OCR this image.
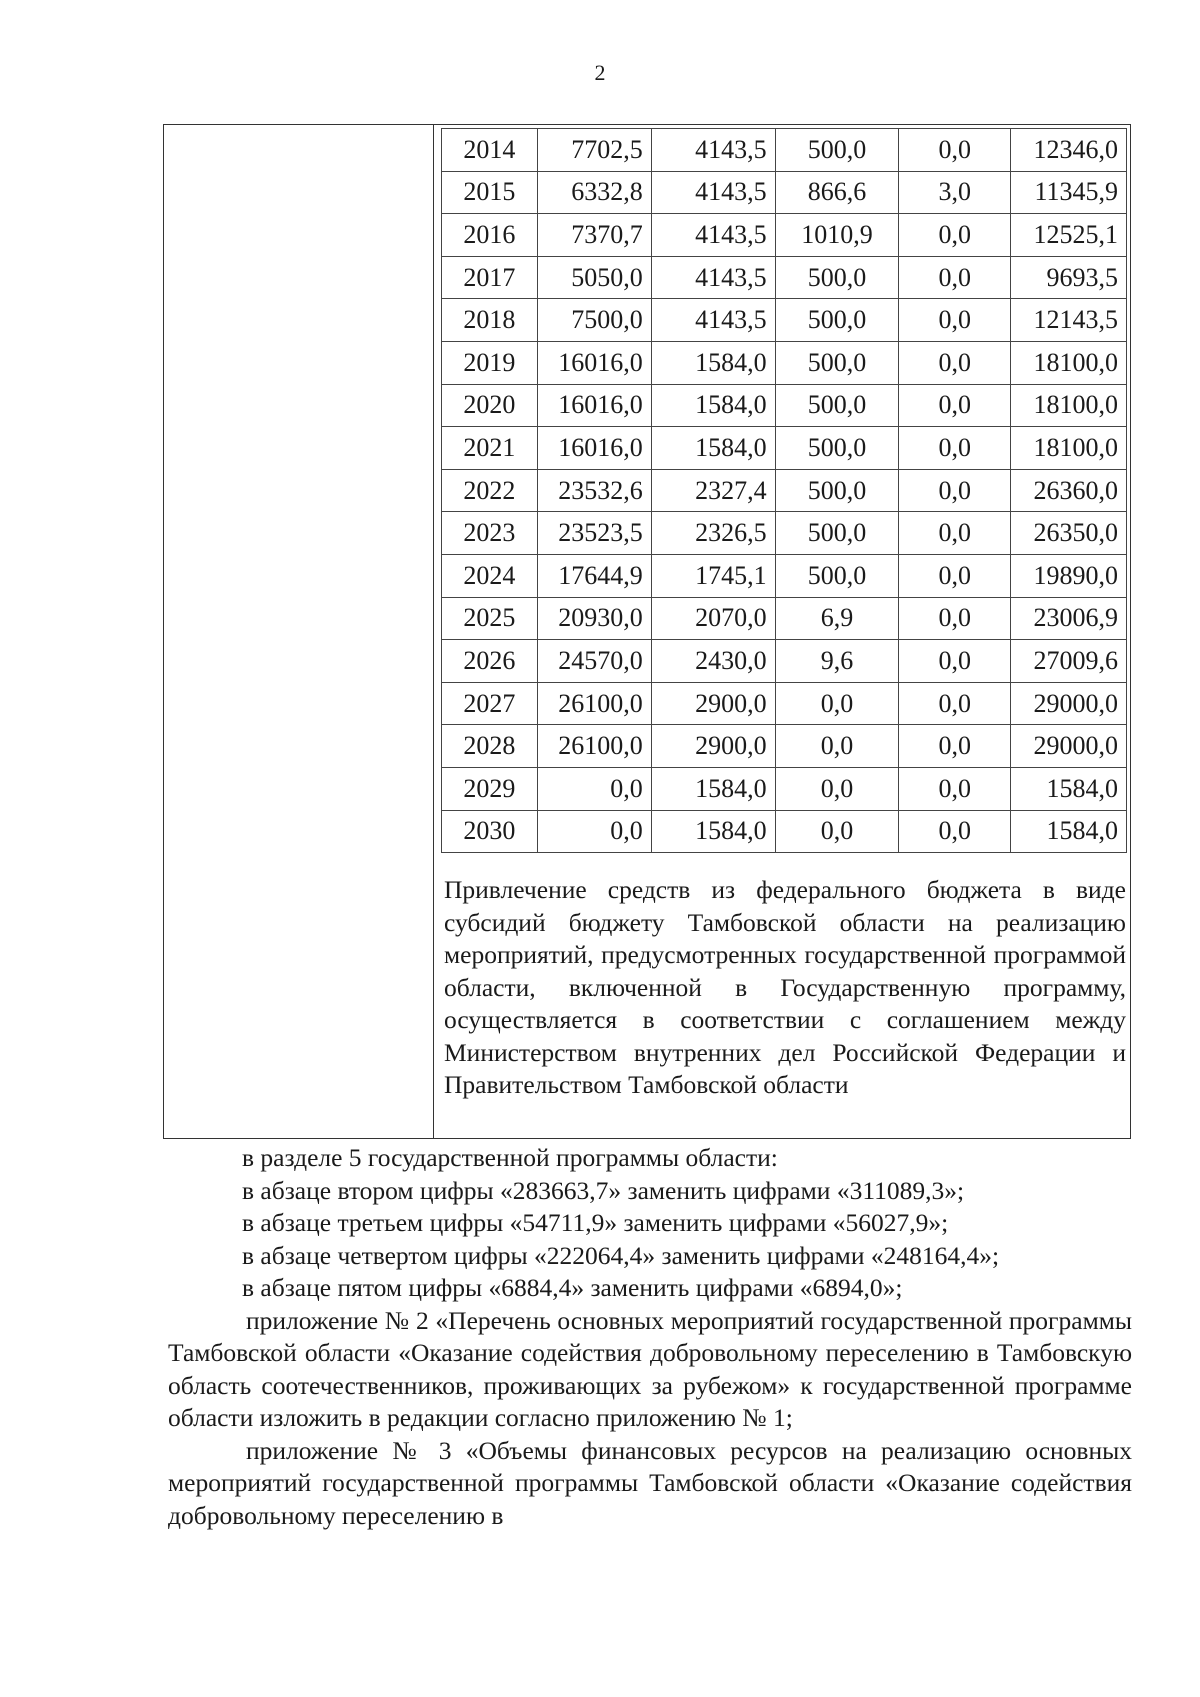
2
2014	7702,5	4143,5	500,0	0,0	12346,0
2015	6332,8	4143,5	866,6	3,0	11345,9
2016	7370,7	4143,5	1010,9	0,0	12525,1
2017	5050,0	4143,5	500,0	0,0	9693,5
2018	7500,0	4143,5	500,0	0,0	12143,5
2019	16016,0	1584,0	500,0	0,0	18100,0
2020	16016,0	1584,0	500,0	0,0	18100,0
2021	16016,0	1584,0	500,0	0,0	18100,0
2022	23532,6	2327,4	500,0	0,0	26360,0
2023	23523,5	2326,5	500,0	0,0	26350,0
2024	17644,9	1745,1	500,0	0,0	19890,0
2025	20930,0	2070,0	6,9	0,0	23006,9
2026	24570,0	2430,0	9,6	0,0	27009,6
2027	26100,0	2900,0	0,0	0,0	29000,0
2028	26100,0	2900,0	0,0	0,0	29000,0
2029	0,0	1584,0	0,0	0,0	1584,0
2030	0,0	1584,0	0,0	0,0	1584,0
Привлечение средств из федерального бюджета в виде субсидий бюджету Тамбовской области на реализацию мероприятий, предусмотренных государственной программой области, включенной в Государственную программу, осуществляется в соответствии с соглашением между Министерством внутренних дел Российской Федерации и Правительством Тамбовской области

в разделе 5 государственной программы области:

в абзаце втором цифры «283663,7» заменить цифрами «311089,3»;

в абзаце третьем цифры «54711,9» заменить цифрами «56027,9»;

в абзаце четвертом цифры «222064,4» заменить цифрами «248164,4»;

в абзаце пятом цифры «6884,4» заменить цифрами «6894,0»;

приложение № 2 «Перечень основных мероприятий государственной программы Тамбовской области «Оказание содействия добровольному переселению в Тамбовскую область соотечественников, проживающих за рубежом» к государственной программе области изложить в редакции согласно приложению № 1;

приложение № 3 «Объемы финансовых ресурсов на реализацию основных мероприятий государственной программы Тамбовской области «Оказание содействия добровольному переселению в
